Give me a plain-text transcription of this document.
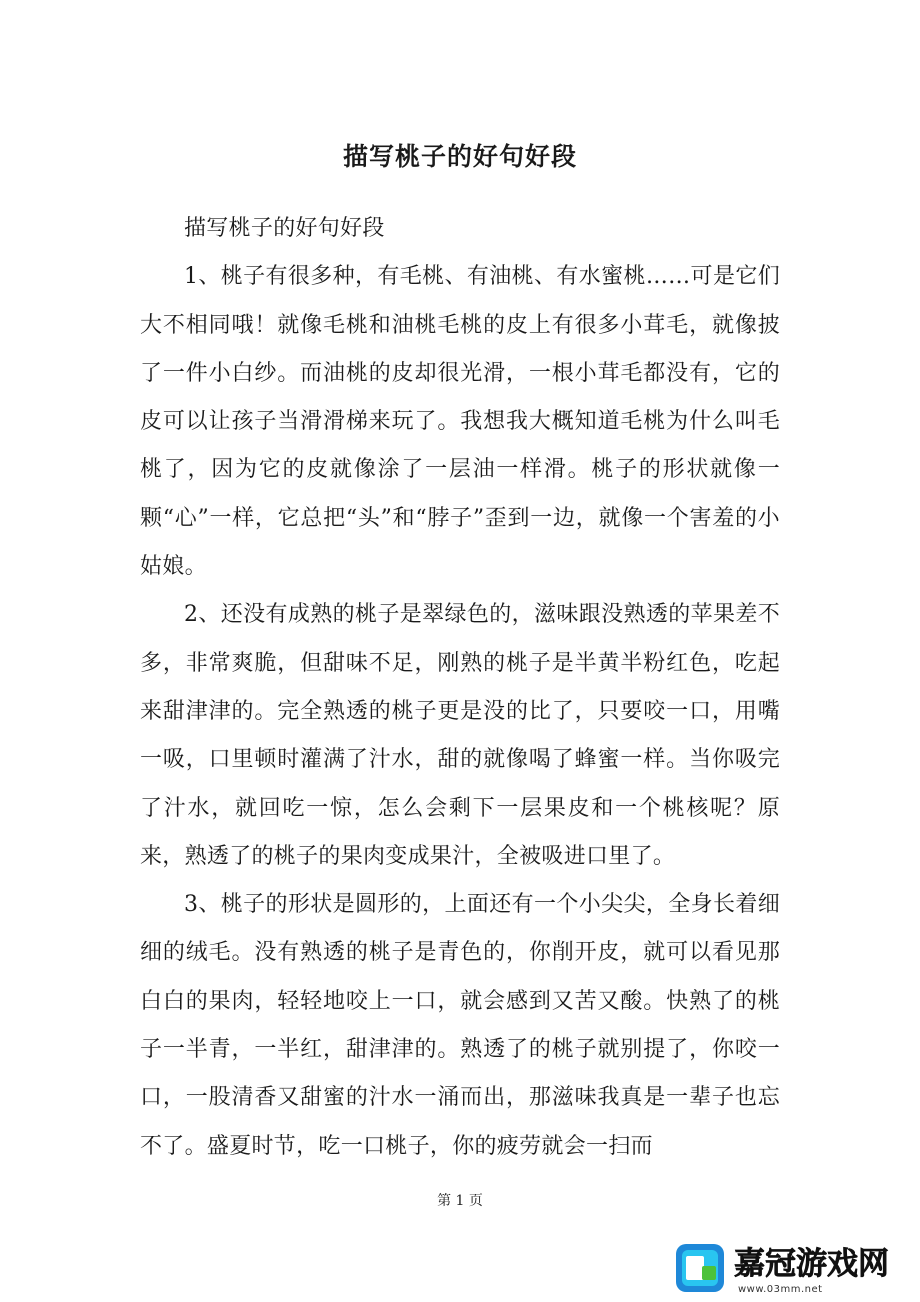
描写桃子的好句好段

描写桃子的好句好段

1、桃子有很多种，有毛桃、有油桃、有水蜜桃……可是它们大不相同哦！就像毛桃和油桃毛桃的皮上有很多小茸毛，就像披了一件小白纱。而油桃的皮却很光滑，一根小茸毛都没有，它的皮可以让孩子当滑滑梯来玩了。我想我大概知道毛桃为什么叫毛桃了，因为它的皮就像涂了一层油一样滑。桃子的形状就像一颗“心”一样，它总把“头”和“脖子”歪到一边，就像一个害羞的小姑娘。

2、还没有成熟的桃子是翠绿色的，滋味跟没熟透的苹果差不多，非常爽脆，但甜味不足，刚熟的桃子是半黄半粉红色，吃起来甜津津的。完全熟透的桃子更是没的比了，只要咬一口，用嘴一吸，口里顿时灌满了汁水，甜的就像喝了蜂蜜一样。当你吸完了汁水，就回吃一惊，怎么会剩下一层果皮和一个桃核呢？原来，熟透了的桃子的果肉变成果汁，全被吸进口里了。

3、桃子的形状是圆形的，上面还有一个小尖尖，全身长着细细的绒毛。没有熟透的桃子是青色的，你削开皮，就可以看见那白白的果肉，轻轻地咬上一口，就会感到又苦又酸。快熟了的桃子一半青，一半红，甜津津的。熟透了的桃子就别提了，你咬一口，一股清香又甜蜜的汁水一涌而出，那滋味我真是一辈子也忘不了。盛夏时节，吃一口桃子，你的疲劳就会一扫而

第 1 页
嘉冠游戏网
www.03mm.net
